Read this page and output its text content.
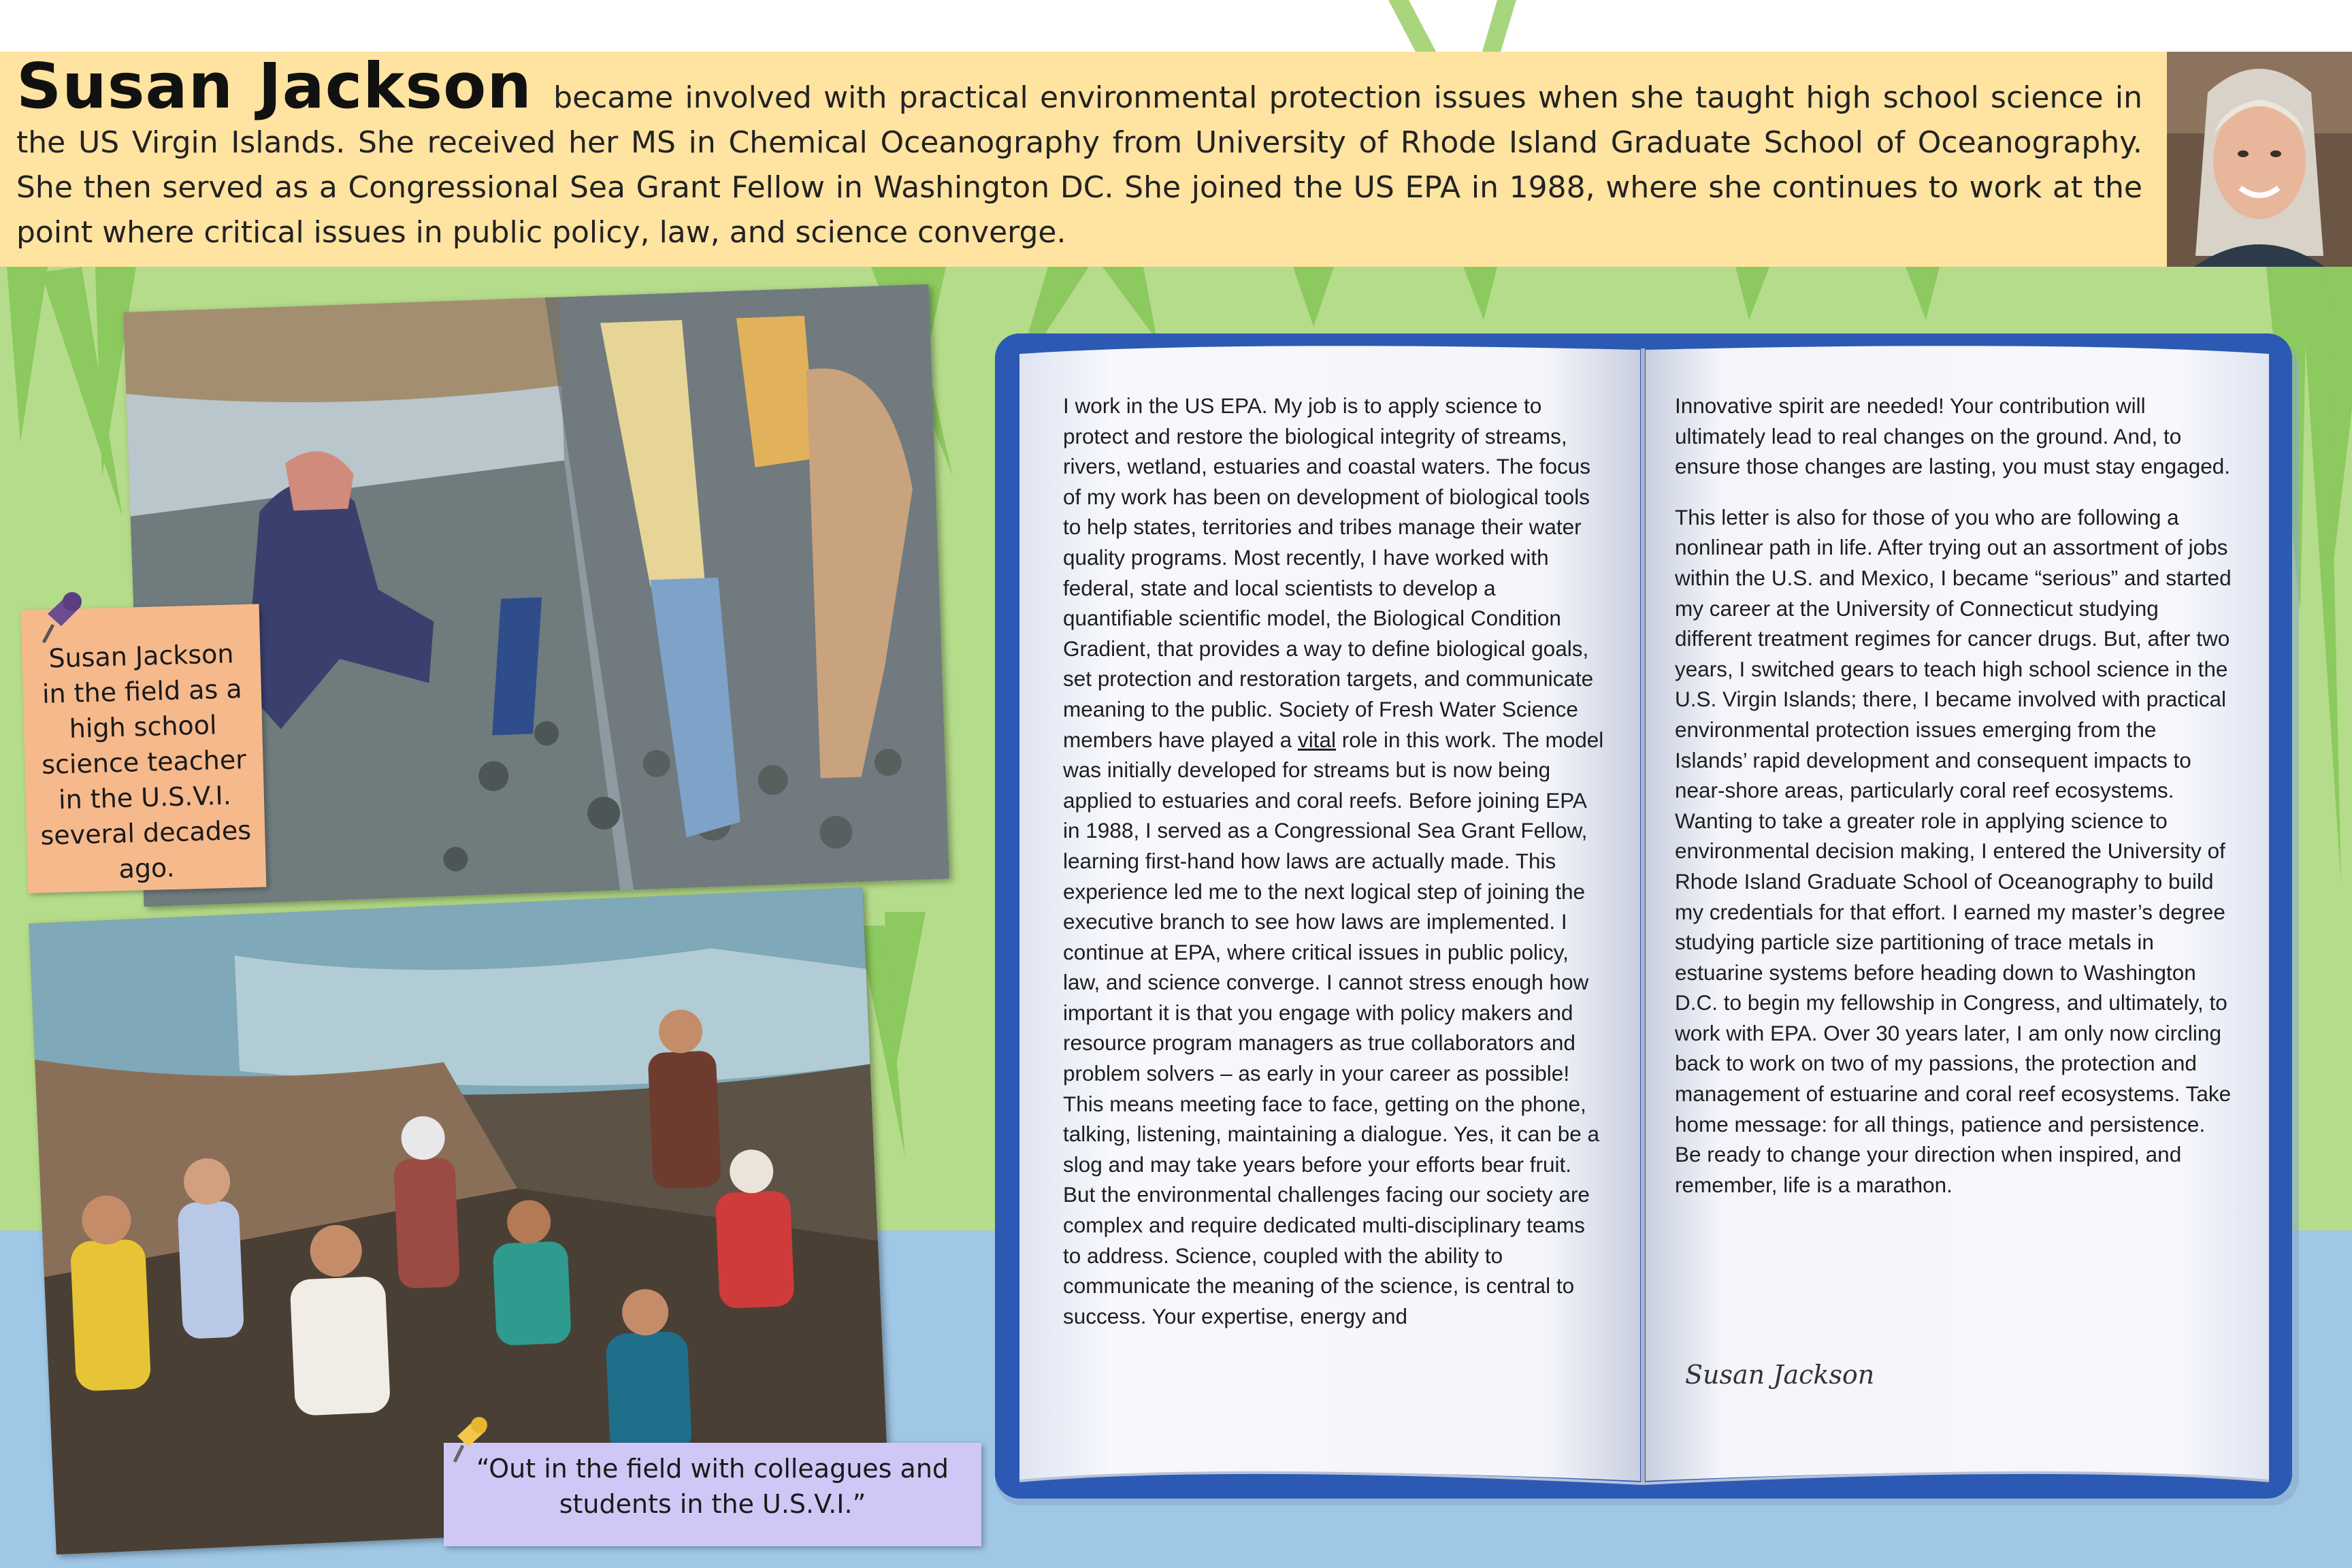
Susan Jackson became involved with practical environmental protection issues when she taught high school science in the US Virgin Islands. She received her MS in Chemical Oceanography from University of Rhode Island Graduate School of Oceanography. She then served as a Congressional Sea Grant Fellow in Washington DC. She joined the US EPA in 1988, where she continues to work at the point where critical issues in public policy, law, and science converge.

Susan Jackson in the field as a high school science teacher in the U.S.V.I. several decades ago.
“Out in the field with colleagues and students in the U.S.V.I.”

I work in the US EPA. My job is to apply science to protect and restore the biological integrity of streams, rivers, wetland, estuaries and coastal waters. The focus of my work has been on development of biological tools to help states, territories and tribes manage their water quality programs. Most recently, I have worked with federal, state and local scientists to develop a quantifiable scientific model, the Biological Condition Gradient, that provides a way to define biological goals, set protection and restoration targets, and communicate meaning to the public. Society of Fresh Water Science members have played a vital role in this work. The model was initially developed for streams but is now being applied to estuaries and coral reefs. Before joining EPA in 1988, I served as a Congressional Sea Grant Fellow, learning first-hand how laws are actually made. This experience led me to the next logical step of joining the executive branch to see how laws are implemented. I continue at EPA, where critical issues in public policy, law, and science converge. I cannot stress enough how important it is that you engage with policy makers and resource program managers as true collaborators and problem solvers – as early in your career as possible! This means meeting face to face, getting on the phone, talking, listening, maintaining a dialogue. Yes, it can be a slog and may take years before your efforts bear fruit. But the environmental challenges facing our society are complex and require dedicated multi-disciplinary teams to address. Science, coupled with the ability to communicate the meaning of the science, is central to success. Your expertise, energy and

Innovative spirit are needed! Your contribution will ultimately lead to real changes on the ground. And, to ensure those changes are lasting, you must stay engaged.

This letter is also for those of you who are following a nonlinear path in life. After trying out an assortment of jobs within the U.S. and Mexico, I became “serious” and started my career at the University of Connecticut studying different treatment regimes for cancer drugs. But, after two years, I switched gears to teach high school science in the U.S. Virgin Islands; there, I became involved with practical environmental protection issues emerging from the Islands’ rapid development and consequent impacts to near-shore areas, particularly coral reef ecosystems. Wanting to take a greater role in applying science to environmental decision making, I entered the University of Rhode Island Graduate School of Oceanography to build my credentials for that effort. I earned my master’s degree studying particle size partitioning of trace metals in estuarine systems before heading down to Washington D.C. to begin my fellowship in Congress, and ultimately, to work with EPA. Over 30 years later, I am only now circling back to work on two of my passions, the protection and management of estuarine and coral reef ecosystems. Take home message: for all things, patience and persistence. Be ready to change your direction when inspired, and remember, life is a marathon.

Susan Jackson
